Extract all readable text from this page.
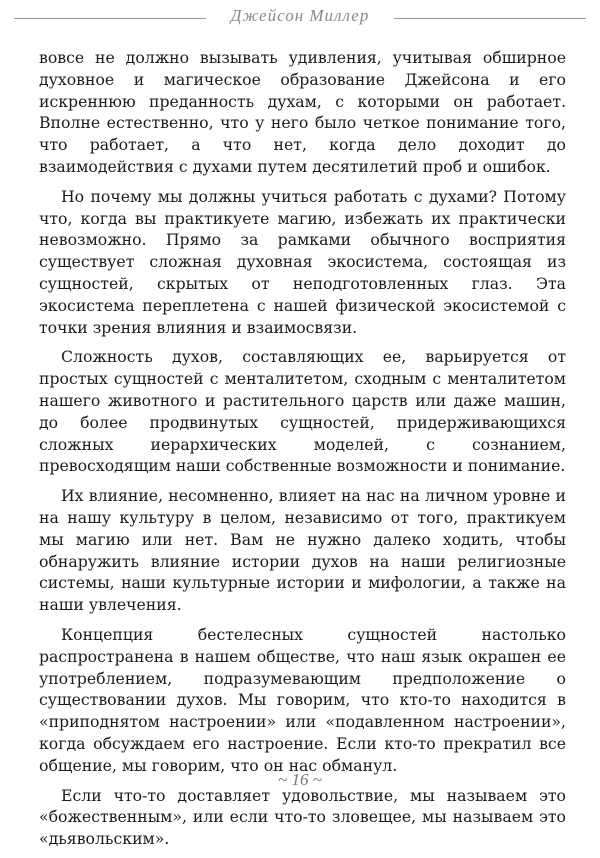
Джейсон Миллер

вовсе не должно вызывать удивления, учитывая обширное духовное и магическое образование Джейсона и его искреннюю преданность духам, с которыми он работает. Вполне естественно, что у него было четкое понимание того, что работает, а что нет, когда дело доходит до взаимодействия с духами путем десятилетий проб и ошибок.

Но почему мы должны учиться работать с духами? Потому что, когда вы практикуете магию, избежать их практически невозможно. Прямо за рамками обычного восприятия существует сложная духовная экосистема, состоящая из сущностей, скрытых от неподготовленных глаз. Эта экосистема переплетена с нашей физической экосистемой с точки зрения влияния и взаимосвязи.

Сложность духов, составляющих ее, варьируется от простых сущностей с менталитетом, сходным с менталитетом нашего животного и растительного царств или даже машин, до более продвинутых сущностей, придерживающихся сложных иерархических моделей, с сознанием, превосходящим наши собственные возможности и понимание.

Их влияние, несомненно, влияет на нас на личном уровне и на нашу культуру в целом, независимо от того, практикуем мы магию или нет. Вам не нужно далеко ходить, чтобы обнаружить влияние истории духов на наши религиозные системы, наши культурные истории и мифологии, а также на наши увлечения.

Концепция бестелесных сущностей настолько распространена в нашем обществе, что наш язык окрашен ее употреблением, подразумевающим предположение о существовании духов. Мы говорим, что кто-то находится в «приподнятом настроении» или «подавленном настроении», когда обсуждаем его настроение. Если кто-то прекратил все общение, мы говорим, что он нас обманул.

Если что-то доставляет удовольствие, мы называем это «божественным», или если что-то зловещее, мы называем это «дьявольским».

~ 16 ~
